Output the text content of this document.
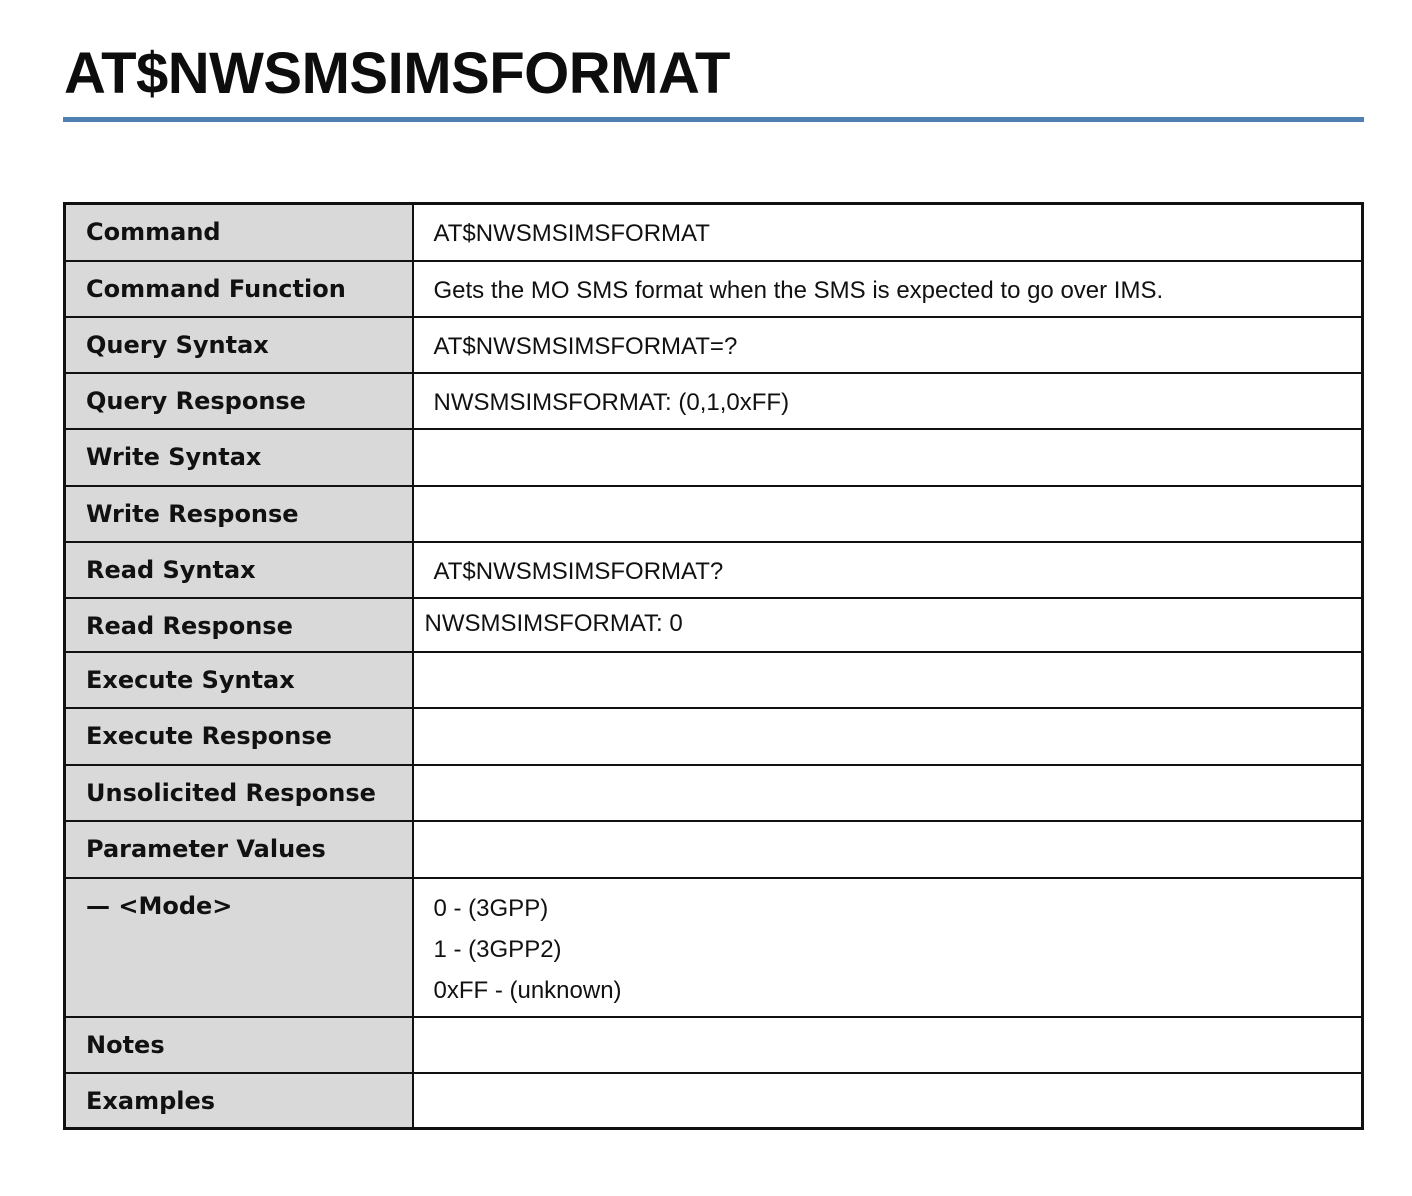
AT$NWSMSIMSFORMAT
Command	AT$NWSMSIMSFORMAT
Command Function	Gets the MO SMS format when the SMS is expected to go over IMS.
Query Syntax	AT$NWSMSIMSFORMAT=?
Query Response	NWSMSIMSFORMAT: (0,1,0xFF)
Write Syntax	
Write Response	
Read Syntax	AT$NWSMSIMSFORMAT?
Read Response	NWSMSIMSFORMAT: 0
Execute Syntax	
Execute Response	
Unsolicited Response	
Parameter Values	
— <Mode>	0 - (3GPP)
1 - (3GPP2)
0xFF - (unknown)

Notes	
Examples	
